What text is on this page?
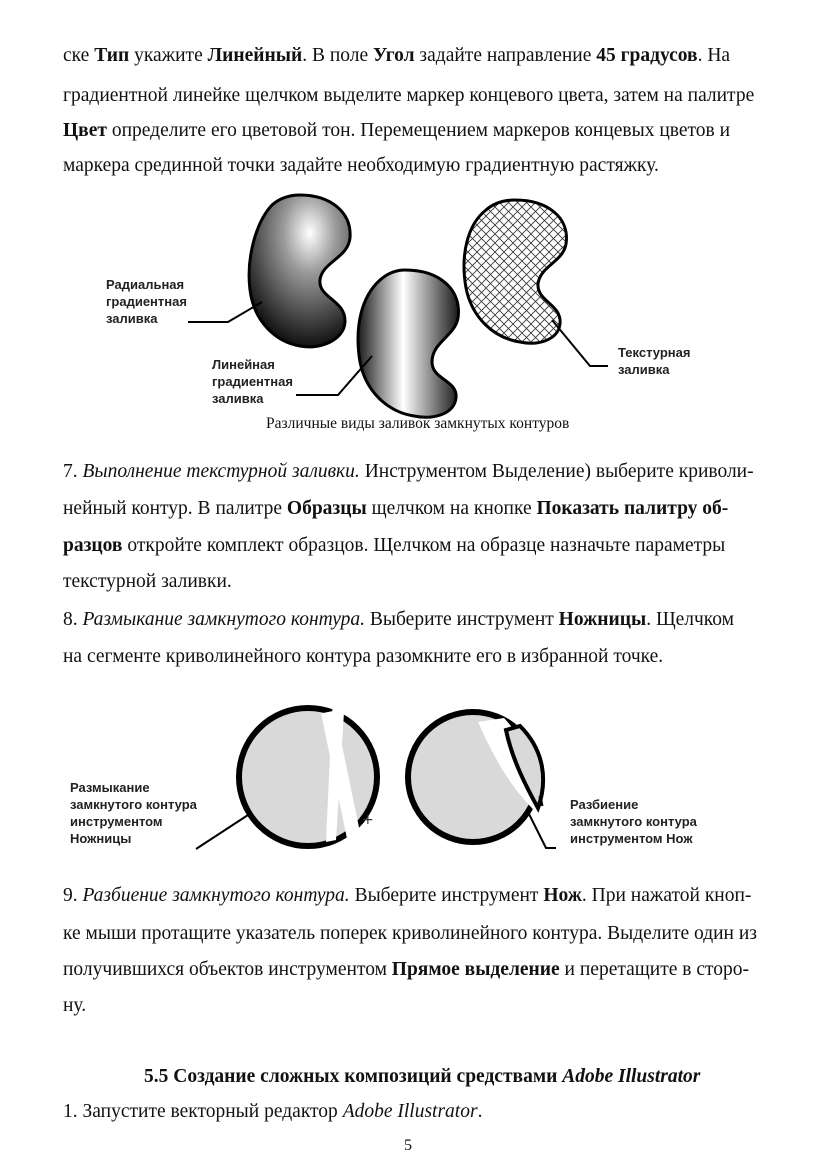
ске Тип укажите Линейный. В поле Угол задайте направление 45 градусов. На
градиентной линейке щелчком выделите маркер концевого цвета, затем на палитре
Цвет определите его цветовой тон. Перемещением маркеров концевых цветов и
маркера срединной точки задайте необходимую градиентную растяжку.
+
Радиальная
градиентная
заливка
Линейная
градиентная
заливка
Текстурная
заливка
Различные виды заливок замкнутых контуров
7. Выполнение текстурной заливки. Инструментом Выделение) выберите криволи-
нейный контур. В палитре Образцы щелчком на кнопке Показать палитру об-
разцов откройте комплект образцов. Щелчком на образце назначьте параметры
текстурной заливки.
8. Размыкание замкнутого контура. Выберите инструмент Ножницы. Щелчком
на сегменте криволинейного контура разомкните его в избранной точке.
Размыкание
замкнутого контура
инструментом
Ножницы
Разбиение
замкнутого контура
инструментом Нож
9. Разбиение замкнутого контура. Выберите инструмент Нож. При нажатой кноп-
ке мыши протащите указатель поперек криволинейного контура. Выделите один из
получившихся объектов инструментом Прямое выделение и перетащите в сторо-
ну.
5.5 Создание сложных композиций средствами Adobe Illustrator
1. Запустите векторный редактор Adobe Illustrator.
5
